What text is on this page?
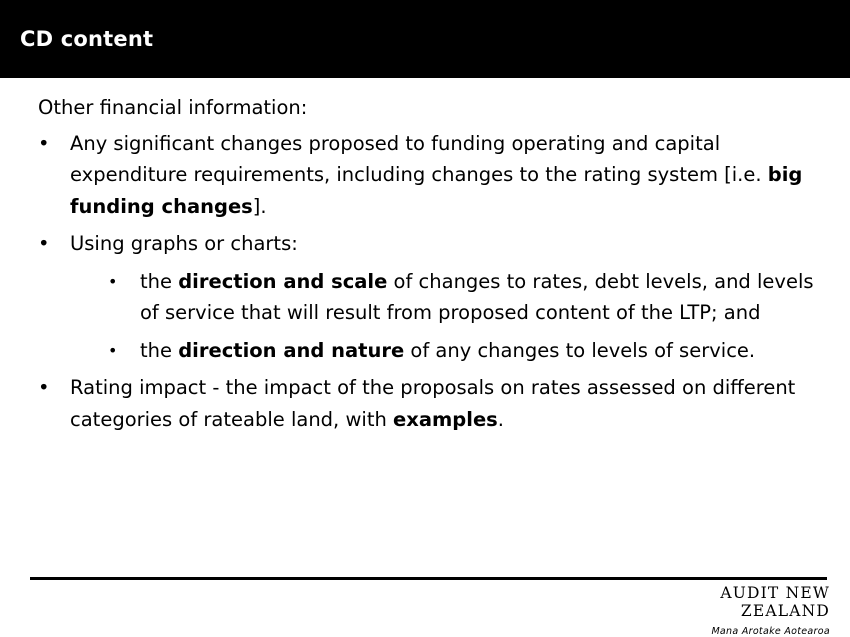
CD content
Other financial information:
• Any significant changes proposed to funding operating and capital expenditure requirements, including changes to the rating system [i.e. big funding changes].
• Using graphs or charts:
• the direction and scale of changes to rates, debt levels, and levels of service that will result from proposed content of the LTP; and
• the direction and nature of any changes to levels of service.
• Rating impact - the impact of the proposals on rates assessed on different categories of rateable land, with examples.
AUDIT NEW ZEALAND
Mana Arotake Aotearoa
